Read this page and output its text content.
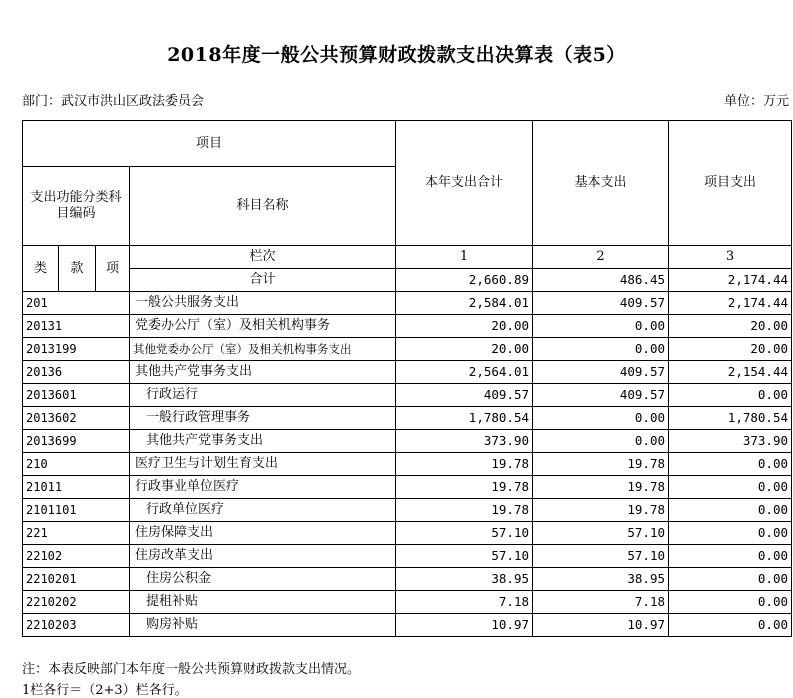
2018年度一般公共预算财政拨款支出决算表（表5）
部门：武汉市洪山区政法委员会	单位：万元
项目				本年支出合计	基本支出	项目支出
支出功能分类科目编码			科目名称			

类	款	项	栏次	1	2	3
			合计	2,660.89	486.45	2,174.44
201			一般公共服务支出	2,584.01	409.57	2,174.44
20131			党委办公厅（室）及相关机构事务	20.00	0.00	20.00
2013199			其他党委办公厅（室）及相关机构事务支出	20.00	0.00	20.00
20136			其他共产党事务支出	2,564.01	409.57	2,154.44
2013601			行政运行	409.57	409.57	0.00
2013602			一般行政管理事务	1,780.54	0.00	1,780.54
2013699			其他共产党事务支出	373.90	0.00	373.90
210			医疗卫生与计划生育支出	19.78	19.78	0.00
21011			行政事业单位医疗	19.78	19.78	0.00
2101101			行政单位医疗	19.78	19.78	0.00
221			住房保障支出	57.10	57.10	0.00
22102			住房改革支出	57.10	57.10	0.00
2210201			住房公积金	38.95	38.95	0.00
2210202			提租补贴	7.18	7.18	0.00
2210203			购房补贴	10.97	10.97	0.00
注：本表反映部门本年度一般公共预算财政拨款支出情况。
1栏各行＝（2+3）栏各行。
